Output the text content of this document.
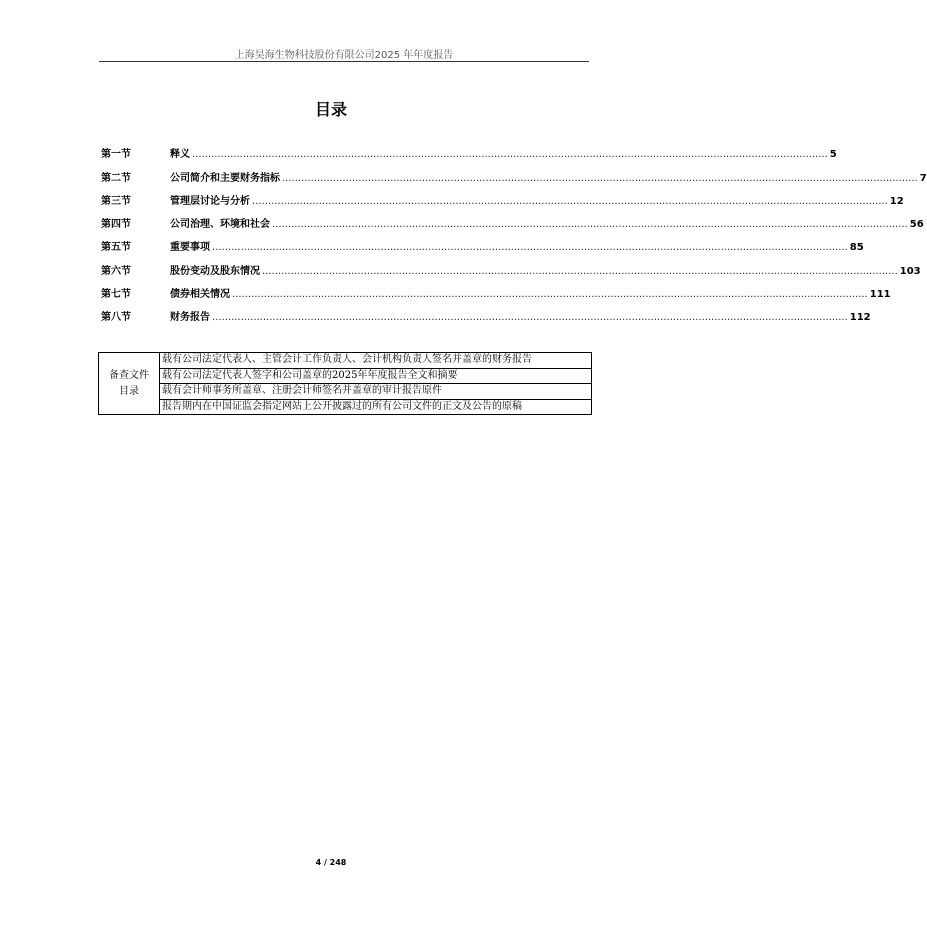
上海昊海生物科技股份有限公司2025 年年度报告
目录
第一节	释义 ........................................................................................................................................................................................................ 5
第二节	公司简介和主要财务指标 ........................................................................................................................................................................................................ 7
第三节	管理层讨论与分析 ........................................................................................................................................................................................................ 12
第四节	公司治理、环境和社会 ........................................................................................................................................................................................................ 56
第五节	重要事项 ........................................................................................................................................................................................................ 85
第六节	股份变动及股东情况 ........................................................................................................................................................................................................ 103
第七节	债券相关情况 ........................................................................................................................................................................................................ 111
第八节	财务报告 ........................................................................................................................................................................................................ 112
备查文件
目录	载有公司法定代表人、主管会计工作负责人、会计机构负责人签名并盖章的财务报告
载有公司法定代表人签字和公司盖章的2025年年度报告全文和摘要
载有会计师事务所盖章、注册会计师签名并盖章的审计报告原件
报告期内在中国证监会指定网站上公开披露过的所有公司文件的正文及公告的原稿
4 / 248
